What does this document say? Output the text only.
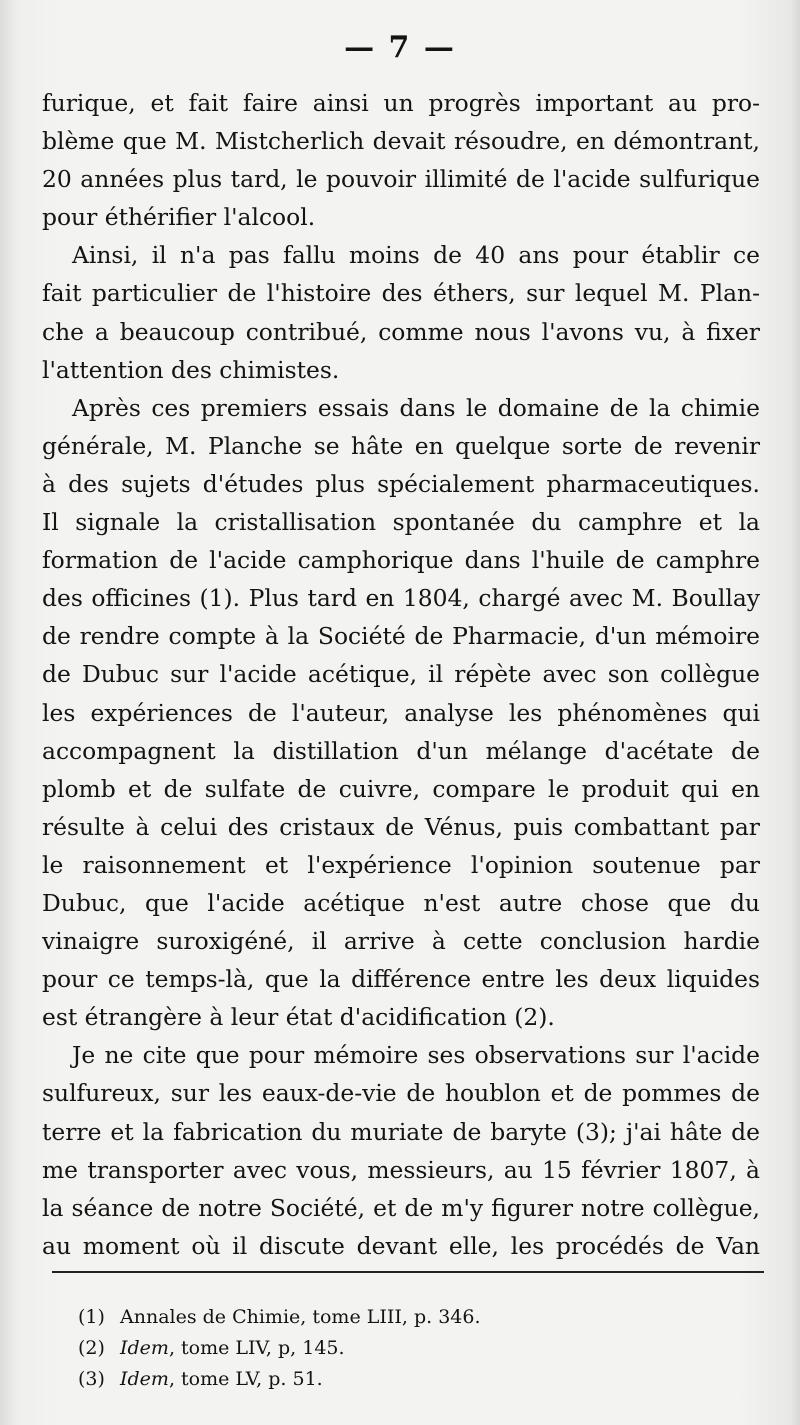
— 7 —
furique, et fait faire ainsi un progrès important au pro-
blème que M. Mistcherlich devait résoudre, en démontrant,
20 années plus tard, le pouvoir illimité de l'acide sulfurique
pour éthérifier l'alcool.
Ainsi, il n'a pas fallu moins de 40 ans pour établir ce
fait particulier de l'histoire des éthers, sur lequel M. Plan-
che a beaucoup contribué, comme nous l'avons vu, à fixer
l'attention des chimistes.
Après ces premiers essais dans le domaine de la chimie
générale, M. Planche se hâte en quelque sorte de revenir
à des sujets d'études plus spécialement pharmaceutiques.
Il signale la cristallisation spontanée du camphre et la
formation de l'acide camphorique dans l'huile de camphre
des officines (1). Plus tard en 1804, chargé avec M. Boullay
de rendre compte à la Société de Pharmacie, d'un mémoire
de Dubuc sur l'acide acétique, il répète avec son collègue
les expériences de l'auteur, analyse les phénomènes qui
accompagnent la distillation d'un mélange d'acétate de
plomb et de sulfate de cuivre, compare le produit qui en
résulte à celui des cristaux de Vénus, puis combattant par
le raisonnement et l'expérience l'opinion soutenue par
Dubuc, que l'acide acétique n'est autre chose que du
vinaigre suroxigéné, il arrive à cette conclusion hardie
pour ce temps-là, que la différence entre les deux liquides
est étrangère à leur état d'acidification (2).
Je ne cite que pour mémoire ses observations sur l'acide
sulfureux, sur les eaux-de-vie de houblon et de pommes de
terre et la fabrication du muriate de baryte (3); j'ai hâte de
me transporter avec vous, messieurs, au 15 février 1807, à
la séance de notre Société, et de m'y figurer notre collègue,
au moment où il discute devant elle, les procédés de Van
(1) Annales de Chimie, tome LIII, p. 346.
(2) Idem, tome LIV, p, 145.
(3) Idem, tome LV, p. 51.
